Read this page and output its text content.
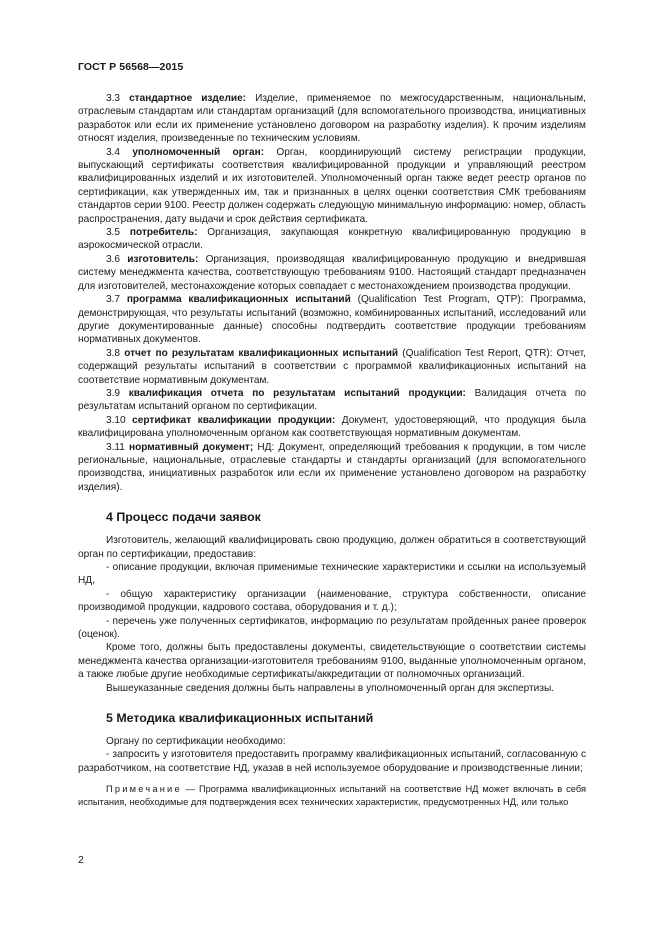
ГОСТ Р 56568—2015

3.3 стандартное изделие: Изделие, применяемое по межгосударственным, национальным, отраслевым стандартам или стандартам организаций (для вспомогательного производства, инициативных разработок или если их применение установлено договором на разработку изделия). К прочим изделиям относят изделия, произведенные по техническим условиям.

3.4 уполномоченный орган: Орган, координирующий систему регистрации продукции, выпускающий сертификаты соответствия квалифицированной продукции и управляющий реестром квалифицированных изделий и их изготовителей. Уполномоченный орган также ведет реестр органов по сертификации, как утвержденных им, так и признанных в целях оценки соответствия СМК требованиям стандартов серии 9100. Реестр должен содержать следующую минимальную информацию: номер, область распространения, дату выдачи и срок действия сертификата.

3.5 потребитель: Организация, закупающая конкретную квалифицированную продукцию в аэрокосмической отрасли.

3.6 изготовитель: Организация, производящая квалифицированную продукцию и внедрившая систему менеджмента качества, соответствующую требованиям 9100. Настоящий стандарт предназначен для изготовителей, местонахождение которых совпадает с местонахождением производства продукции.

3.7 программа квалификационных испытаний (Qualification Test Program, QTP): Программа, демонстрирующая, что результаты испытаний (возможно, комбинированных испытаний, исследований или другие документированные данные) способны подтвердить соответствие продукции требованиям нормативных документов.

3.8 отчет по результатам квалификационных испытаний (Qualification Test Report, QTR): Отчет, содержащий результаты испытаний в соответствии с программой квалификационных испытаний на соответствие нормативным документам.

3.9 квалификация отчета по результатам испытаний продукции: Валидация отчета по результатам испытаний органом по сертификации.

3.10 сертификат квалификации продукции: Документ, удостоверяющий, что продукция была квалифицирована уполномоченным органом как соответствующая нормативным документам.

3.11 нормативный документ; НД: Документ, определяющий требования к продукции, в том числе региональные, национальные, отраслевые стандарты и стандарты организаций (для вспомогательного производства, инициативных разработок или если их применение установлено договором на разработку изделия).

4 Процесс подачи заявок

Изготовитель, желающий квалифицировать свою продукцию, должен обратиться в соответствующий орган по сертификации, предоставив:

- описание продукции, включая применимые технические характеристики и ссылки на используемый НД,

- общую характеристику организации (наименование, структура собственности, описание производимой продукции, кадрового состава, оборудования и т. д.);

- перечень уже полученных сертификатов, информацию по результатам пройденных ранее проверок (оценок).

Кроме того, должны быть предоставлены документы, свидетельствующие о соответствии системы менеджмента качества организации-изготовителя требованиям 9100, выданные уполномоченным органом, а также любые другие необходимые сертификаты/аккредитации от полномочных организаций.

Вышеуказанные сведения должны быть направлены в уполномоченный орган для экспертизы.

5 Методика квалификационных испытаний

Органу по сертификации необходимо:

- запросить у изготовителя предоставить программу квалификационных испытаний, согласованную с разработчиком, на соответствие НД, указав в ней используемое оборудование и производственные линии;

Примечание — Программа квалификационных испытаний на соответствие НД может включать в себя испытания, необходимые для подтверждения всех технических характеристик, предусмотренных НД, или только

2
